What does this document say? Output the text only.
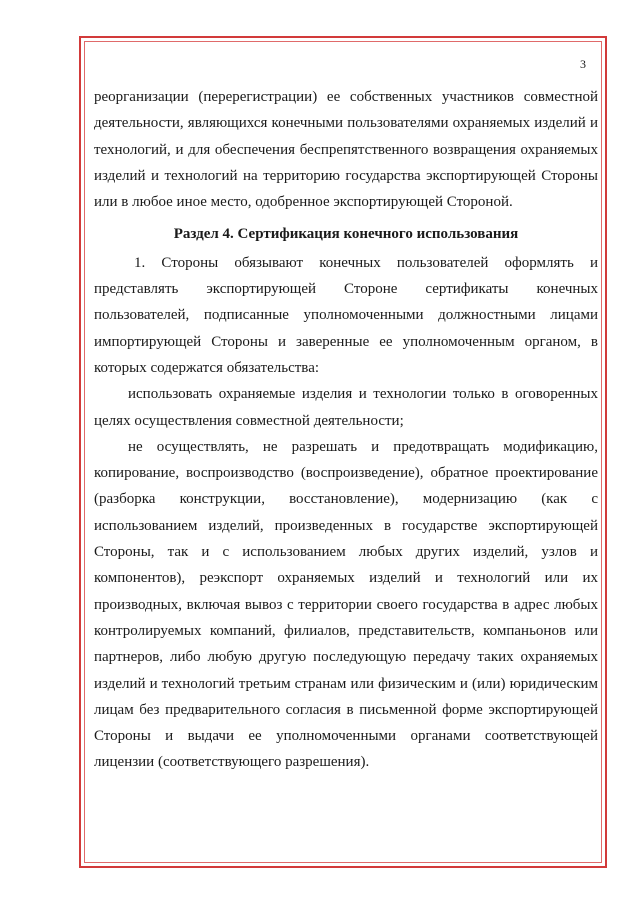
3

реорганизации (перерегистрации) ее собственных участников совместной деятельности, являющихся конечными пользователями охраняемых изделий и технологий, и для обеспечения беспрепятственного возвращения охраняемых изделий и технологий на территорию государства экспортирующей Стороны или в любое иное место, одобренное экспортирующей Стороной.

Раздел 4. Сертификация конечного использования

1. Стороны обязывают конечных пользователей оформлять и представлять экспортирующей Стороне сертификаты конечных пользователей, подписанные уполномоченными должностными лицами импортирующей Стороны и заверенные ее уполномоченным органом, в которых содержатся обязательства:

использовать охраняемые изделия и технологии только в оговоренных целях осуществления совместной деятельности;

не осуществлять, не разрешать и предотвращать модификацию, копирование, воспроизводство (воспроизведение), обратное проектирование (разборка конструкции, восстановление), модернизацию (как с использованием изделий, произведенных в государстве экспортирующей Стороны, так и с использованием любых других изделий, узлов и компонентов), реэкспорт охраняемых изделий и технологий или их производных, включая вывоз с территории своего государства в адрес любых контролируемых компаний, филиалов, представительств, компаньонов или партнеров, либо любую другую последующую передачу таких охраняемых изделий и технологий третьим странам или физическим и (или) юридическим лицам без предварительного согласия в письменной форме экспортирующей Стороны и выдачи ее уполномоченными органами соответствующей лицензии (соответствующего разрешения).
